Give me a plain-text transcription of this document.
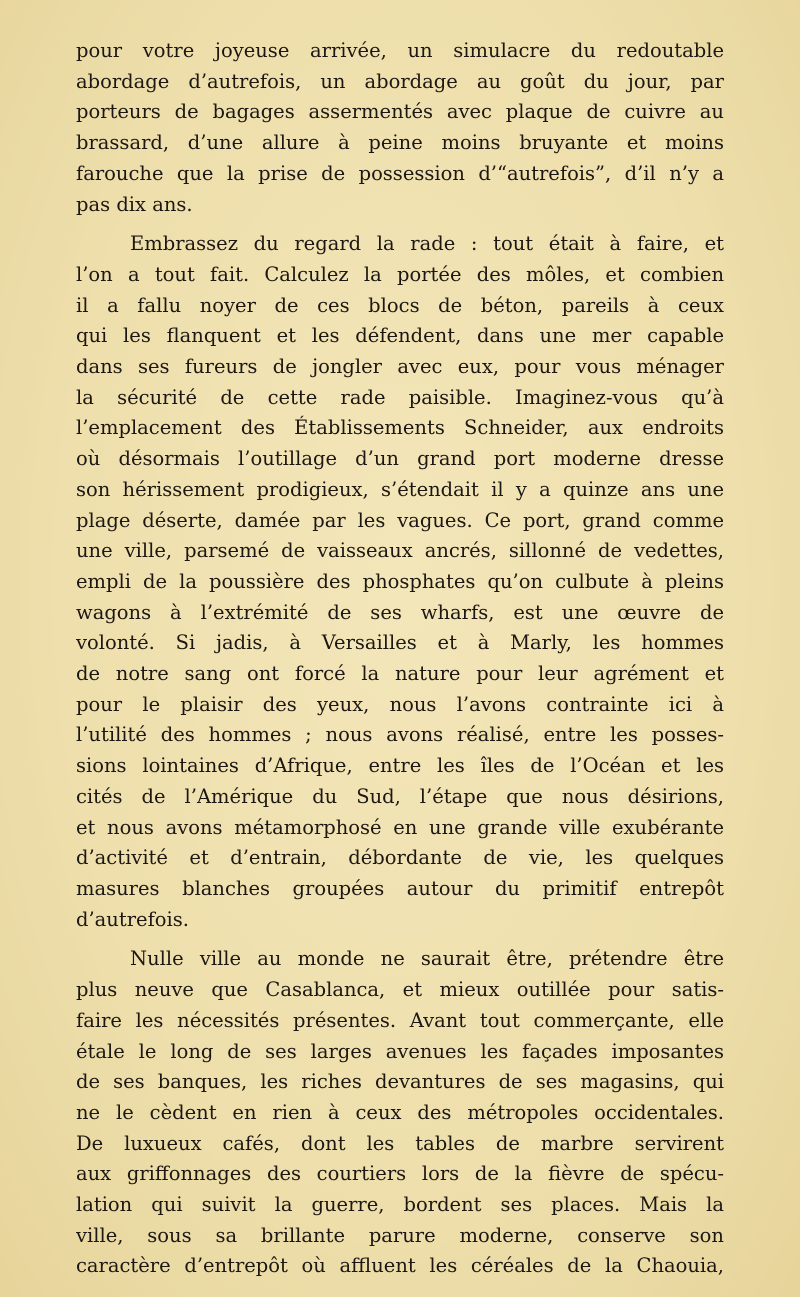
pour votre joyeuse arrivée, un simulacre du redoutable
abordage d’autrefois, un abordage au goût du jour, par
porteurs de bagages assermentés avec plaque de cuivre au
brassard, d’une allure à peine moins bruyante et moins
farouche que la prise de possession d’“autrefois”, d’il n’y a
pas dix ans.
Embrassez du regard la rade : tout était à faire, et
l’on a tout fait. Calculez la portée des môles, et combien
il a fallu noyer de ces blocs de béton, pareils à ceux
qui les flanquent et les défendent, dans une mer capable
dans ses fureurs de jongler avec eux, pour vous ménager
la sécurité de cette rade paisible. Imaginez-vous qu’à
l’emplacement des Établissements Schneider, aux endroits
où désormais l’outillage d’un grand port moderne dresse
son hérissement prodigieux, s’étendait il y a quinze ans une
plage déserte, damée par les vagues. Ce port, grand comme
une ville, parsemé de vaisseaux ancrés, sillonné de vedettes,
empli de la poussière des phosphates qu’on culbute à pleins
wagons à l’extrémité de ses wharfs, est une œuvre de
volonté. Si jadis, à Versailles et à Marly, les hommes
de notre sang ont forcé la nature pour leur agrément et
pour le plaisir des yeux, nous l’avons contrainte ici à
l’utilité des hommes ; nous avons réalisé, entre les posses-
sions lointaines d’Afrique, entre les îles de l’Océan et les
cités de l’Amérique du Sud, l’étape que nous désirions,
et nous avons métamorphosé en une grande ville exubérante
d’activité et d’entrain, débordante de vie, les quelques
masures blanches groupées autour du primitif entrepôt
d’autrefois.
Nulle ville au monde ne saurait être, prétendre être
plus neuve que Casablanca, et mieux outillée pour satis-
faire les nécessités présentes. Avant tout commerçante, elle
étale le long de ses larges avenues les façades imposantes
de ses banques, les riches devantures de ses magasins, qui
ne le cèdent en rien à ceux des métropoles occidentales.
De luxueux cafés, dont les tables de marbre servirent
aux griffonnages des courtiers lors de la fièvre de spécu-
lation qui suivit la guerre, bordent ses places. Mais la
ville, sous sa brillante parure moderne, conserve son
caractère d’entrepôt où affluent les céréales de la Chaouia,
